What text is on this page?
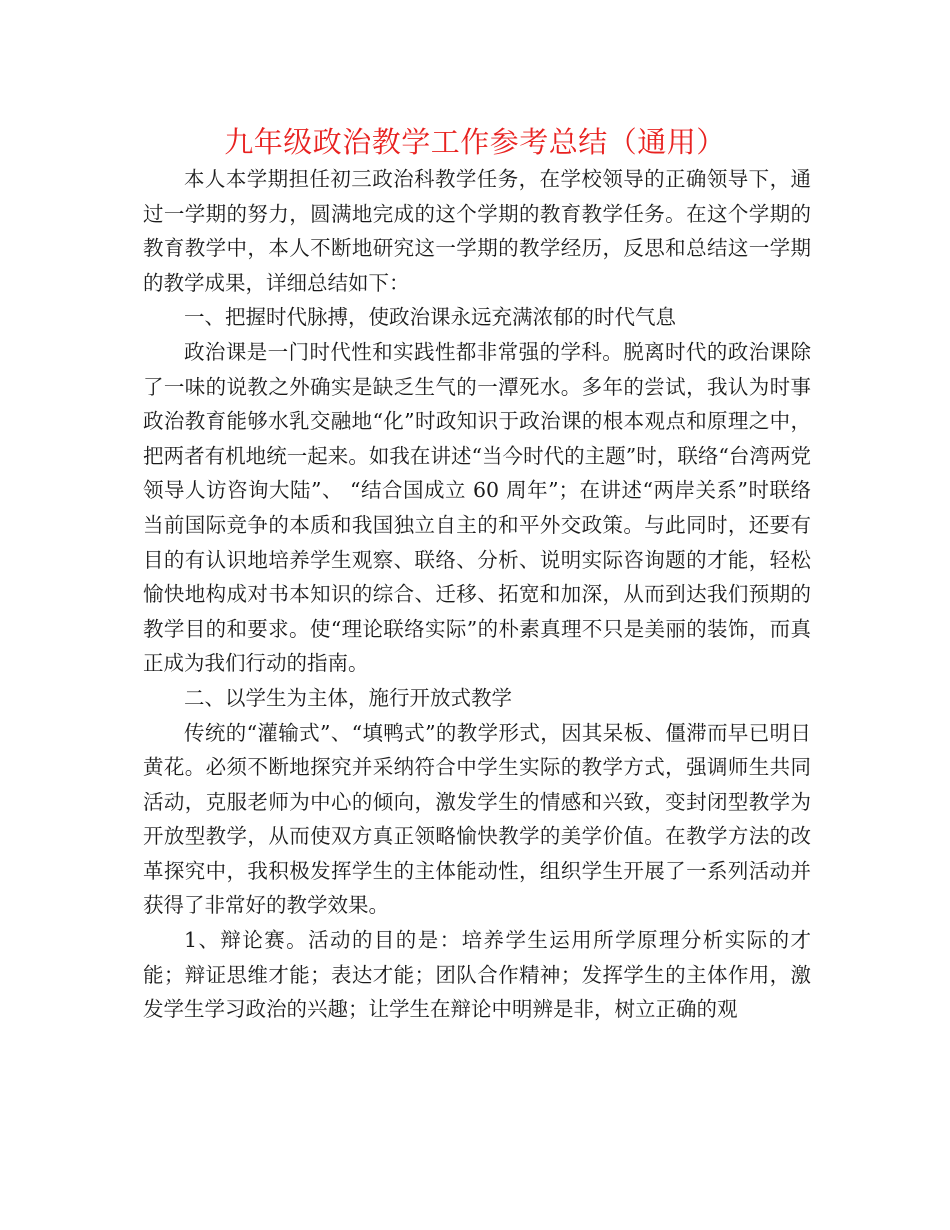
九年级政治教学工作参考总结（通用）

本人本学期担任初三政治科教学任务，在学校领导的正确领导下，通过一学期的努力，圆满地完成的这个学期的教育教学任务。在这个学期的教育教学中，本人不断地研究这一学期的教学经历，反思和总结这一学期的教学成果，详细总结如下：

一、把握时代脉搏，使政治课永远充满浓郁的时代气息

政治课是一门时代性和实践性都非常强的学科。脱离时代的政治课除了一味的说教之外确实是缺乏生气的一潭死水。多年的尝试，我认为时事政治教育能够水乳交融地“化”时政知识于政治课的根本观点和原理之中，把两者有机地统一起来。如我在讲述“当今时代的主题”时，联络“台湾两党领导人访咨询大陆”、 “结合国成立 60 周年”；在讲述“两岸关系”时联络当前国际竞争的本质和我国独立自主的和平外交政策。与此同时，还要有目的有认识地培养学生观察、联络、分析、说明实际咨询题的才能，轻松愉快地构成对书本知识的综合、迁移、拓宽和加深，从而到达我们预期的教学目的和要求。使“理论联络实际”的朴素真理不只是美丽的装饰，而真正成为我们行动的指南。

二、以学生为主体，施行开放式教学

传统的“灌输式”、“填鸭式”的教学形式，因其呆板、僵滞而早已明日黄花。必须不断地探究并采纳符合中学生实际的教学方式，强调师生共同活动，克服老师为中心的倾向，激发学生的情感和兴致，变封闭型教学为开放型教学，从而使双方真正领略愉快教学的美学价值。在教学方法的改革探究中，我积极发挥学生的主体能动性，组织学生开展了一系列活动并获得了非常好的教学效果。

1、辩论赛。活动的目的是：培养学生运用所学原理分析实际的才能；辩证思维才能；表达才能；团队合作精神；发挥学生的主体作用，激发学生学习政治的兴趣；让学生在辩论中明辨是非，树立正确的观
